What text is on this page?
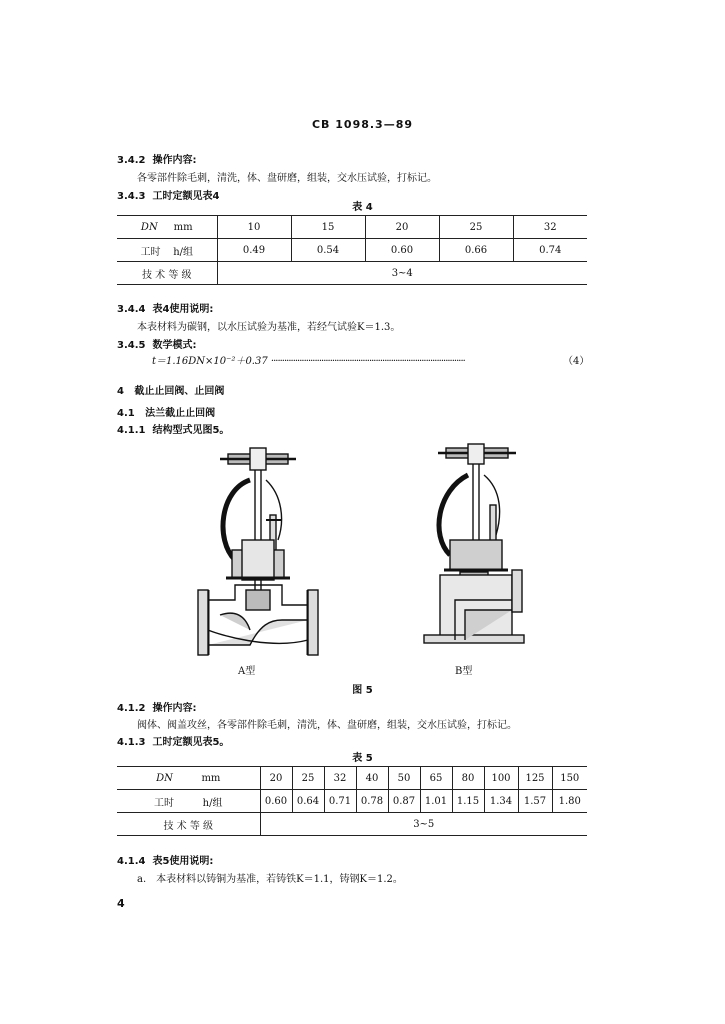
CB 1098.3—89
3.4.2 操作内容:
各零部件除毛刺，清洗，体、盘研磨，组装，交水压试验，打标记。
3.4.3 工时定额见表4
表 4
DN mm	10	15	20	25	32
工时 h/组	0.49	0.54	0.60	0.66	0.74
技 术 等 级	3~4				
3.4.4 表4使用说明:
本表材料为碳钢，以水压试验为基准，若经气试验K＝1.3。
3.4.5 数学模式:
t＝1.16DN×10⁻²＋0.37 ·························································································	（4）
4 截止止回阀、止回阀
4.1 法兰截止止回阀
4.1.1 结构型式见图5。
A型	B型
图 5
4.1.2 操作内容:
阀体、阀盖攻丝，各零部件除毛刺，清洗，体、盘研磨，组装，交水压试验，打标记。
4.1.3 工时定额见表5。
表 5
DN mm	20	25	32	40	50	65	80	100	125	150
工时 h/组	0.60	0.64	0.71	0.78	0.87	1.01	1.15	1.34	1.57	1.80
技 术 等 级	3~5									
4.1.4 表5使用说明:
a.　本表材料以铸铜为基准，若铸铁K＝1.1，铸钢K＝1.2。
4
